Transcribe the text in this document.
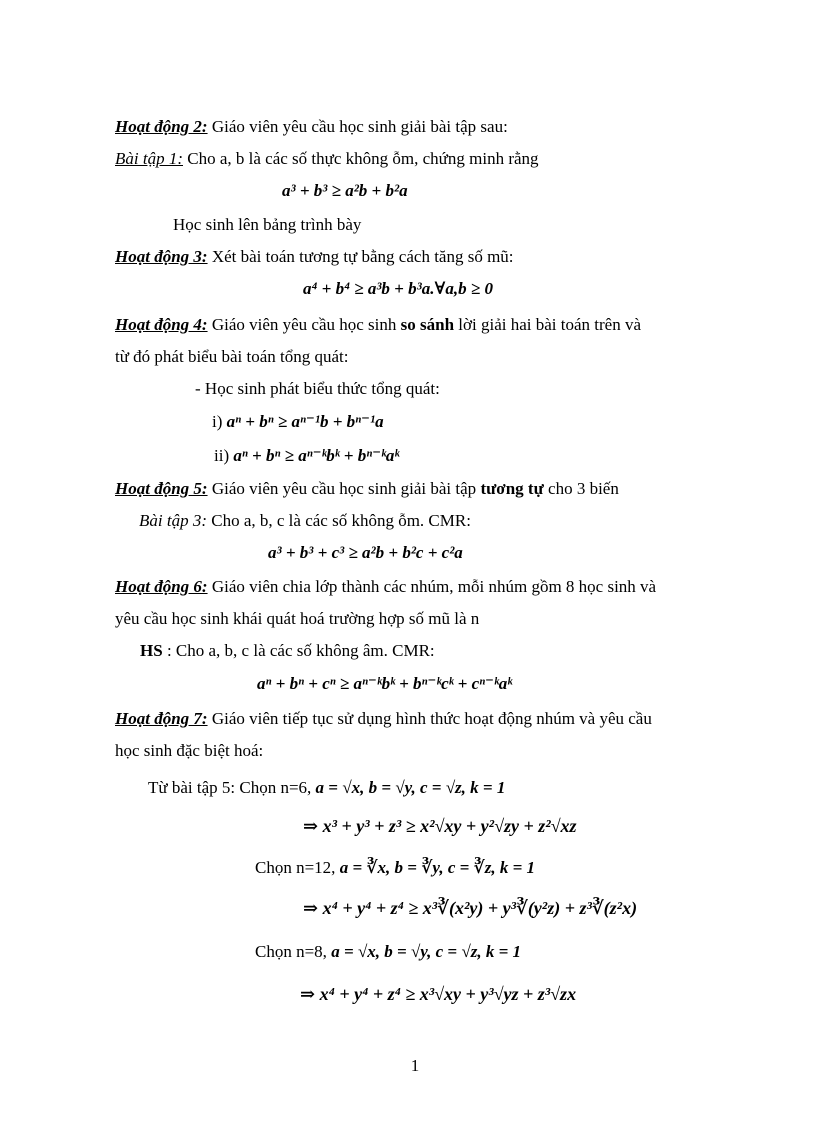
Hoạt động 2: Giáo viên yêu cầu học sinh giải bài tập sau:
Bài tập 1: Cho a, b là các số thực không ỗm, chứng minh rằng
a³ + b³ ≥ a²b + b²a
Học sinh lên bảng trình bày
Hoạt động 3: Xét bài toán tương tự bằng cách tăng số mũ:
a⁴ + b⁴ ≥ a³b + b³a.∀a,b ≥ 0
Hoạt động 4: Giáo viên yêu cầu học sinh so sánh lời giải hai bài toán trên và
từ đó phát biểu bài toán tổng quát:
- Học sinh phát biểu thức tổng quát:
i) aⁿ + bⁿ ≥ aⁿ⁻¹b + bⁿ⁻¹a
ii) aⁿ + bⁿ ≥ aⁿ⁻ᵏbᵏ + bⁿ⁻ᵏaᵏ
Hoạt động 5: Giáo viên yêu cầu học sinh giải bài tập tương tự cho 3 biến
Bài tập 3: Cho a, b, c là các số không ỗm. CMR:
a³ + b³ + c³ ≥ a²b + b²c + c²a
Hoạt động 6: Giáo viên chia lớp thành các nhúm, mỗi nhúm gồm 8 học sinh và
yêu cầu học sinh khái quát hoá trường hợp số mũ là n
HS : Cho a, b, c là các số không âm. CMR:
aⁿ + bⁿ + cⁿ ≥ aⁿ⁻ᵏbᵏ + bⁿ⁻ᵏcᵏ + cⁿ⁻ᵏaᵏ
Hoạt động 7: Giáo viên tiếp tục sử dụng hình thức hoạt động nhúm và yêu cầu
học sinh đặc biệt hoá:
Từ bài tập 5: Chọn n=6, a = √x, b = √y, c = √z, k = 1
⇒ x³ + y³ + z³ ≥ x²√xy + y²√zy + z²√xz
Chọn n=12, a = ∛x, b = ∛y, c = ∛z, k = 1
⇒ x⁴ + y⁴ + z⁴ ≥ x³∛(x²y) + y³∛(y²z) + z³∛(z²x)
Chọn n=8, a = √x, b = √y, c = √z, k = 1
⇒ x⁴ + y⁴ + z⁴ ≥ x³√xy + y³√yz + z³√zx
1
